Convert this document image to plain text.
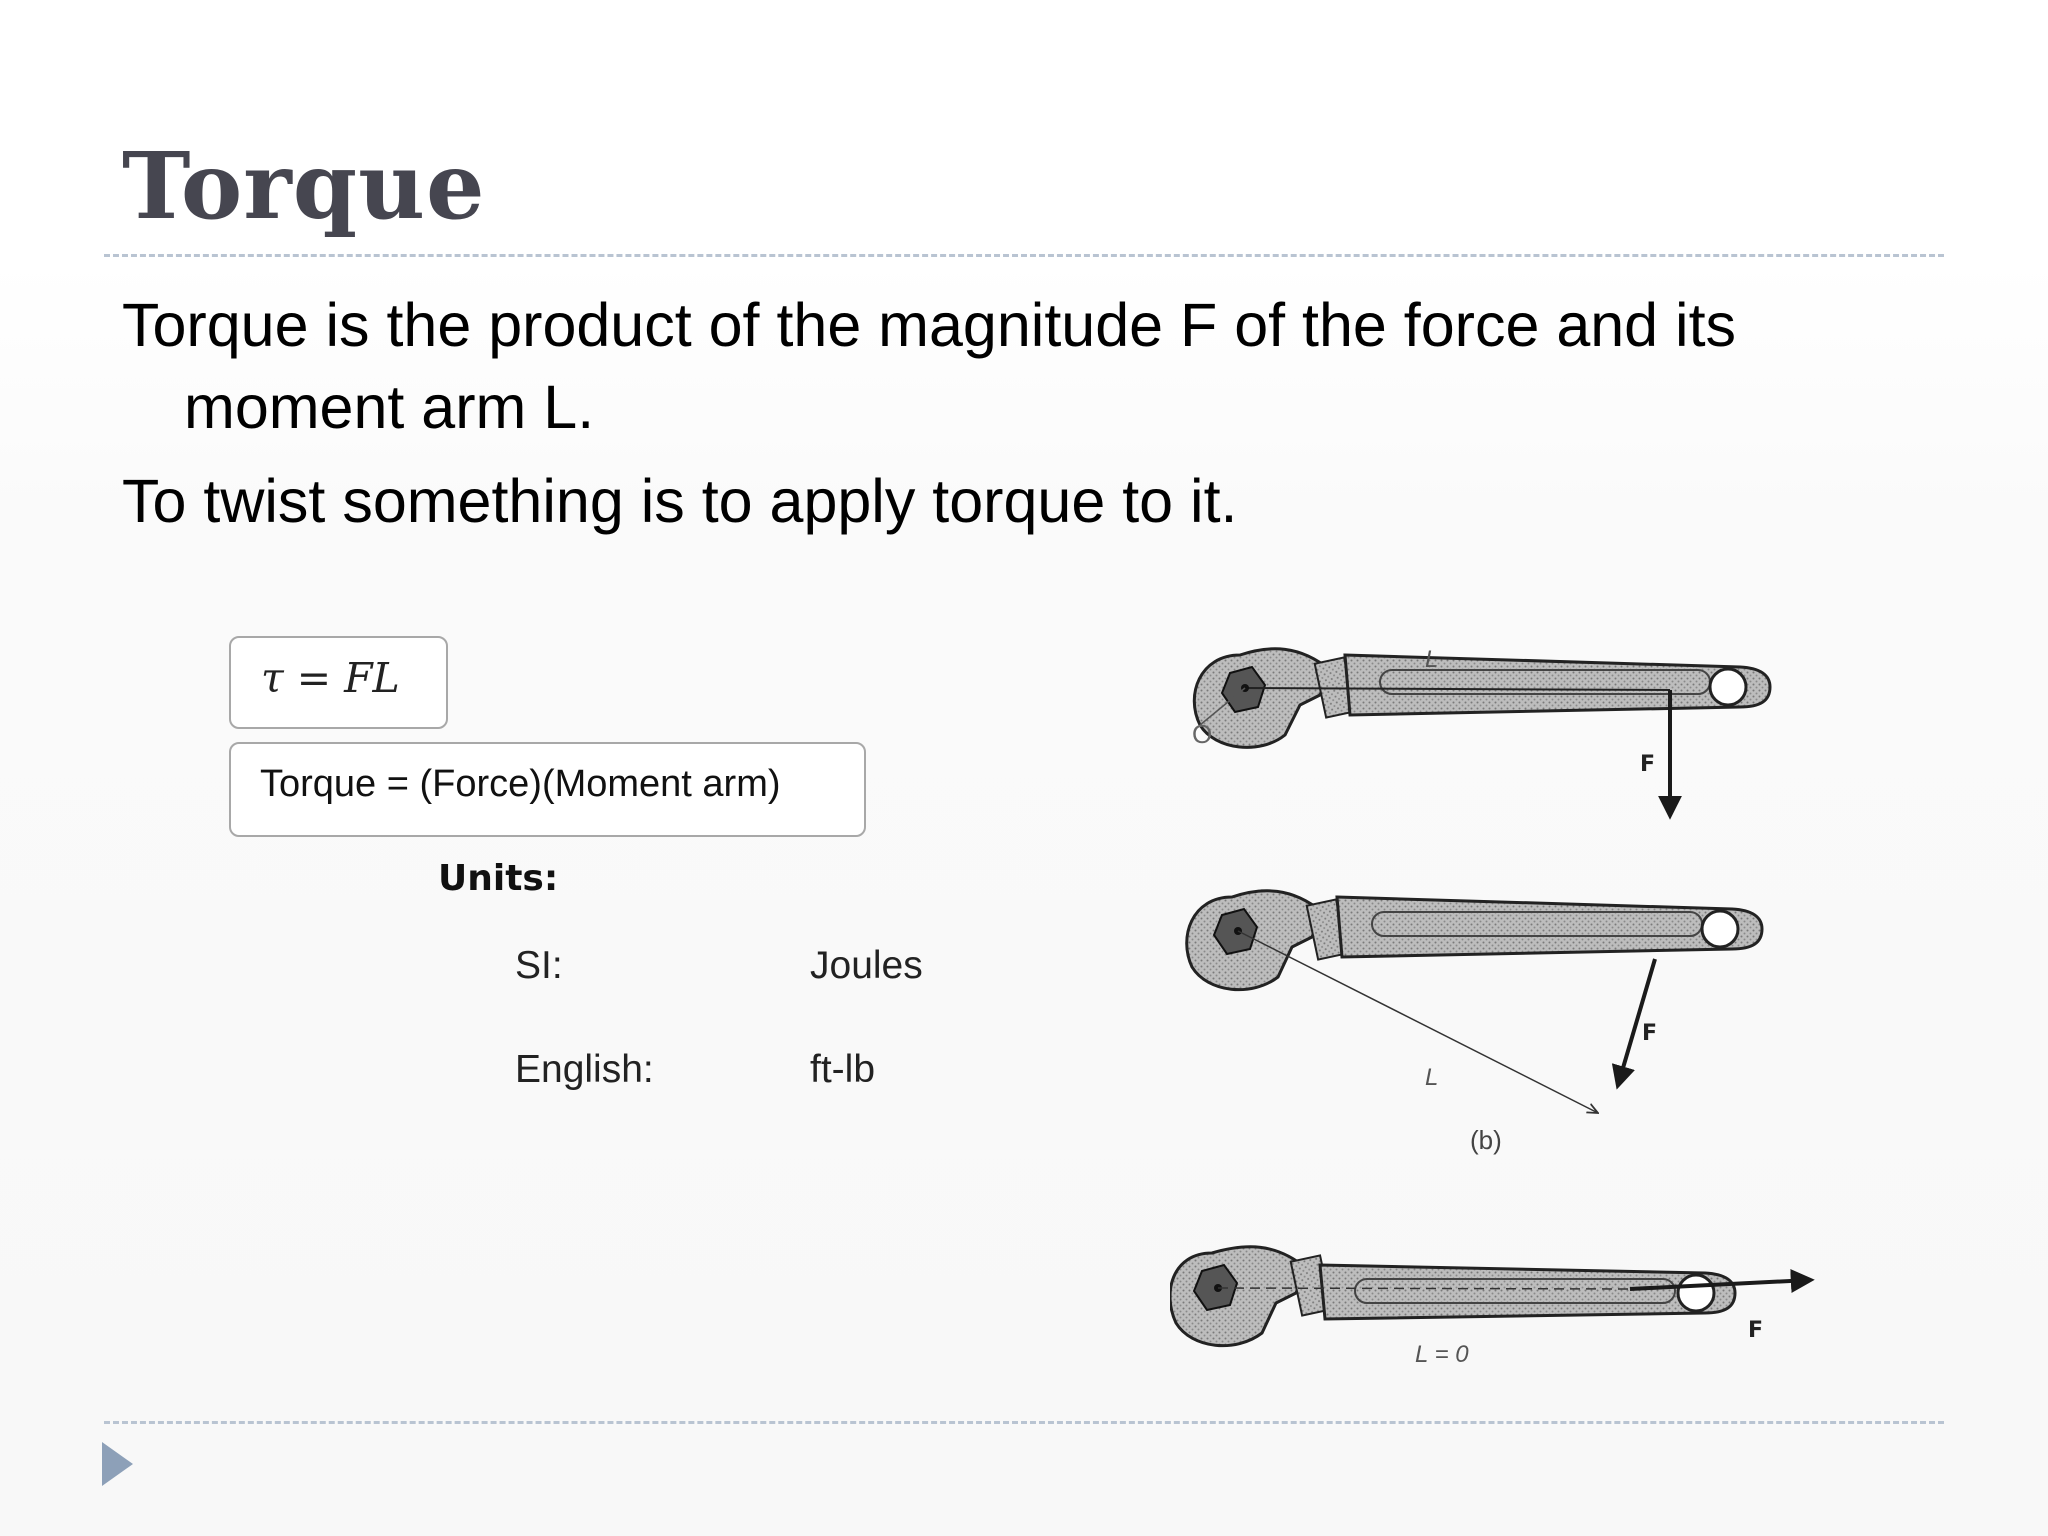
Torque

Torque is the product of the magnitude F of the force and its moment arm L.

To twist something is to apply torque to it.

τ = FL
Torque = (Force)(Moment arm)
Units:
SI:	Joules
English:	ft-lb
O
L
F
L
F
(b)
L = 0
F
